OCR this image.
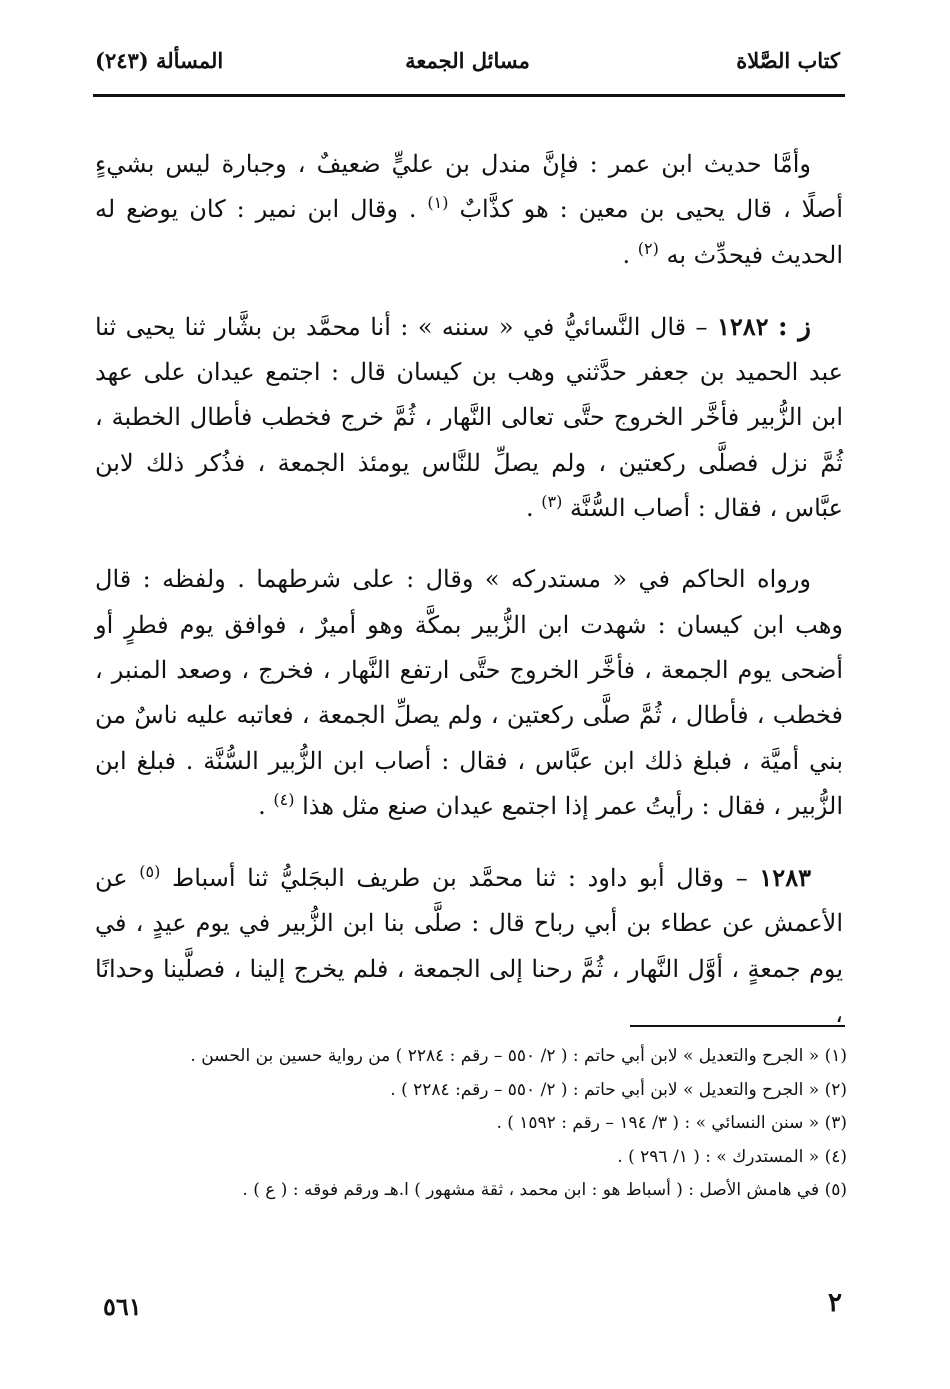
كتاب الصَّلاة
مسائل الجمعة
المسألة (٢٤٣)

وأمَّا حديث ابن عمر : فإنَّ مندل بن عليٍّ ضعيفٌ ، وجبارة ليس بشيءٍ أصلًا ، قال يحيى بن معين : هو كذَّابٌ $^{(١)}$ . وقال ابن نمير : كان يوضع له الحديث فيحدِّث به $^{(٢)}$ .

ز : ١٢٨٢ – قال النَّسائيُّ في « سننه » : أنا محمَّد بن بشَّار ثنا يحيى ثنا عبد الحميد بن جعفر حدَّثني وهب بن كيسان قال : اجتمع عيدان على عهد ابن الزُّبير فأخَّر الخروج حتَّى تعالى النَّهار ، ثُمَّ خرج فخطب فأطال الخطبة ، ثُمَّ نزل فصلَّى ركعتين ، ولم يصلِّ للنَّاس يومئذ الجمعة ، فذُكر ذلك لابن عبَّاس ، فقال : أصاب السُّنَّة $^{(٣)}$ .

ورواه الحاكم في « مستدركه » وقال : على شرطهما . ولفظه : قال وهب ابن كيسان : شهدت ابن الزُّبير بمكَّة وهو أميرٌ ، فوافق يوم فطرٍ أو أضحى يوم الجمعة ، فأخَّر الخروج حتَّى ارتفع النَّهار ، فخرج ، وصعد المنبر ، فخطب ، فأطال ، ثُمَّ صلَّى ركعتين ، ولم يصلِّ الجمعة ، فعاتبه عليه ناسٌ من بني أميَّة ، فبلغ ذلك ابن عبَّاس ، فقال : أصاب ابن الزُّبير السُّنَّة . فبلغ ابن الزُّبير ، فقال : رأيتُ عمر إذا اجتمع عيدان صنع مثل هذا $^{(٤)}$ .

١٢٨٣ – وقال أبو داود : ثنا محمَّد بن طريف البجَليُّ ثنا أسباط $^{(٥)}$ عن الأعمش عن عطاء بن أبي رباح قال : صلَّى بنا ابن الزُّبير في يوم عيدٍ ، في يوم جمعةٍ ، أوَّل النَّهار ، ثُمَّ رحنا إلى الجمعة ، فلم يخرج إلينا ، فصلَّينا وحدانًا ،

(١) « الجرح والتعديل » لابن أبي حاتم : ( ٢/ ٥٥٠ – رقم : ٢٢٨٤ ) من رواية حسين بن الحسن .
(٢) « الجرح والتعديل » لابن أبي حاتم : ( ٢/ ٥٥٠ – رقم: ٢٢٨٤ ) .
(٣) « سنن النسائي » : ( ٣/ ١٩٤ – رقم : ١٥٩٢ ) .
(٤) « المستدرك » : ( ١/ ٢٩٦ ) .
(٥) في هامش الأصل : ( أسباط هو : ابن محمد ، ثقة مشهور ) ا.هـ ورقم فوقه : ( ع ) .
٥٦١	٢
